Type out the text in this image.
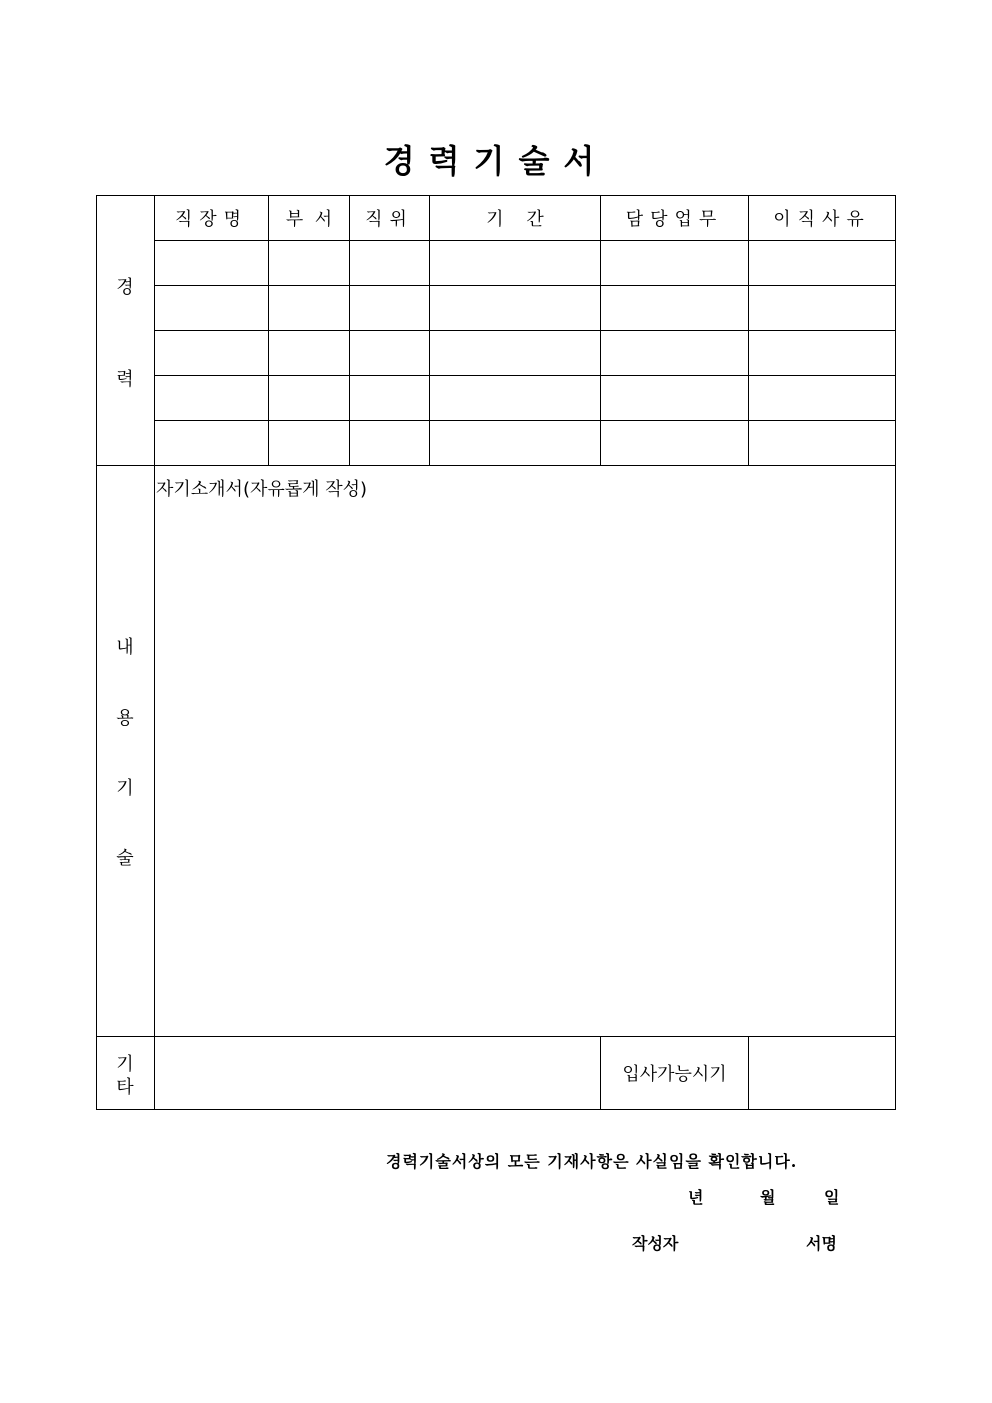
경력기술서
경
력
직장명	부  서	직위	기    간	담당업무	이직사유
내
용
기
술
자기소개서(자유롭게 작성)
기
타
입사가능시기
경력기술서상의 모든 기재사항은 사실임을 확인합니다.
년	월	일
작성자	서명
